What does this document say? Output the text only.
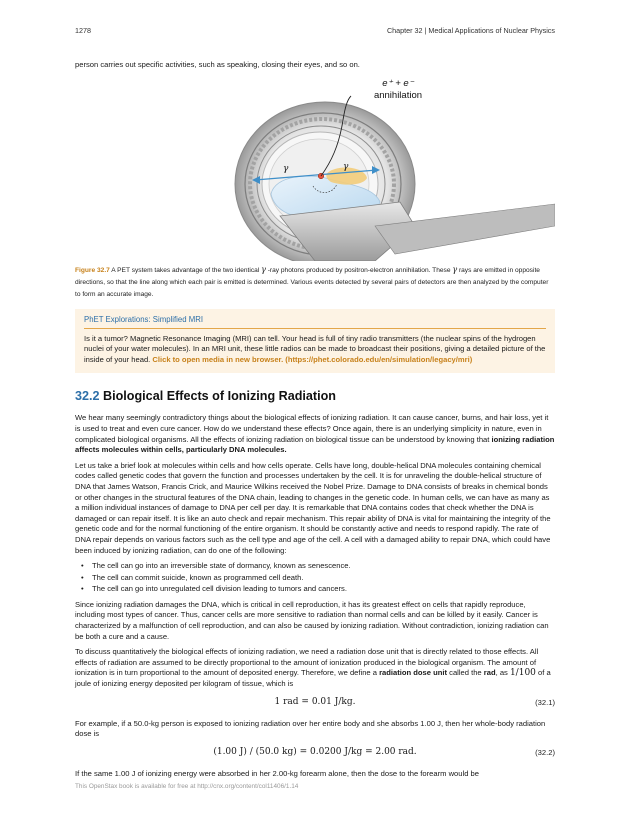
1278	Chapter 32 | Medical Applications of Nuclear Physics
person carries out specific activities, such as speaking, closing their eyes, and so on.
e⁺ + e⁻
annihilation
γ	γ
Figure 32.7 A PET system takes advantage of the two identical γ -ray photons produced by positron-electron annihilation. These γ rays are emitted in opposite directions, so that the line along which each pair is emitted is determined. Various events detected by several pairs of detectors are then analyzed by the computer to form an accurate image.
PhET Explorations: Simplified MRI
Is it a tumor? Magnetic Resonance Imaging (MRI) can tell. Your head is full of tiny radio transmitters (the nuclear spins of the hydrogen nuclei of your water molecules). In an MRI unit, these little radios can be made to broadcast their positions, giving a detailed picture of the inside of your head. Click to open media in new browser. (https://phet.colorado.edu/en/simulation/legacy/mri)
32.2 Biological Effects of Ionizing Radiation
We hear many seemingly contradictory things about the biological effects of ionizing radiation. It can cause cancer, burns, and hair loss, yet it is used to treat and even cure cancer. How do we understand these effects? Once again, there is an underlying simplicity in nature, even in complicated biological organisms. All the effects of ionizing radiation on biological tissue can be understood by knowing that ionizing radiation affects molecules within cells, particularly DNA molecules.
Let us take a brief look at molecules within cells and how cells operate. Cells have long, double-helical DNA molecules containing chemical codes called genetic codes that govern the function and processes undertaken by the cell. It is for unraveling the double-helical structure of DNA that James Watson, Francis Crick, and Maurice Wilkins received the Nobel Prize. Damage to DNA consists of breaks in chemical bonds or other changes in the structural features of the DNA chain, leading to changes in the genetic code. In human cells, we can have as many as a million individual instances of damage to DNA per cell per day. It is remarkable that DNA contains codes that check whether the DNA is damaged or can repair itself. It is like an auto check and repair mechanism. This repair ability of DNA is vital for maintaining the integrity of the genetic code and for the normal functioning of the entire organism. It should be constantly active and needs to respond rapidly. The rate of DNA repair depends on various factors such as the cell type and age of the cell. A cell with a damaged ability to repair DNA, which could have been induced by ionizing radiation, can do one of the following:
• The cell can go into an irreversible state of dormancy, known as senescence.
• The cell can commit suicide, known as programmed cell death.
• The cell can go into unregulated cell division leading to tumors and cancers.
Since ionizing radiation damages the DNA, which is critical in cell reproduction, it has its greatest effect on cells that rapidly reproduce, including most types of cancer. Thus, cancer cells are more sensitive to radiation than normal cells and can be killed by it easily. Cancer is characterized by a malfunction of cell reproduction, and can also be caused by ionizing radiation. Without contradiction, ionizing radiation can be both a cure and a cause.
To discuss quantitatively the biological effects of ionizing radiation, we need a radiation dose unit that is directly related to those effects. All effects of radiation are assumed to be directly proportional to the amount of ionization produced in the biological organism. The amount of ionization is in turn proportional to the amount of deposited energy. Therefore, we define a radiation dose unit called the rad, as 1/100 of a joule of ionizing energy deposited per kilogram of tissue, which is
1 rad = 0.01 J/kg.	(32.1)
For example, if a 50.0-kg person is exposed to ionizing radiation over her entire body and she absorbs 1.00 J, then her whole-body radiation dose is
(1.00 J) / (50.0 kg) = 0.0200 J/kg = 2.00 rad.	(32.2)
If the same 1.00 J of ionizing energy were absorbed in her 2.00-kg forearm alone, then the dose to the forearm would be
This OpenStax book is available for free at http://cnx.org/content/col11406/1.14
